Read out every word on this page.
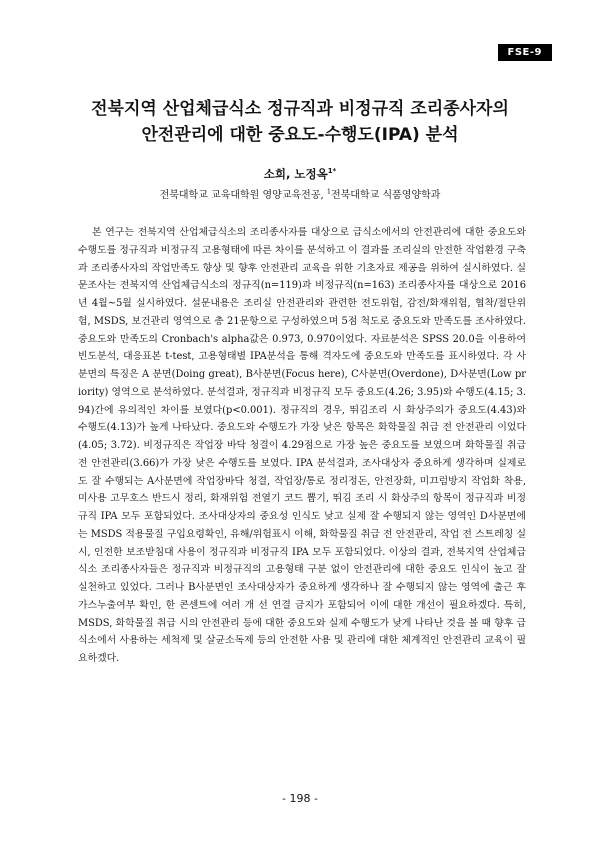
FSE-9
전북지역 산업체급식소 정규직과 비정규직 조리종사자의
안전관리에 대한 중요도-수행도(IPA) 분석
소희, 노정옥$^{1*}$
전북대학교 교육대학원 영양교육전공, $^1$전북대학교 식품영양학과

본 연구는 전북지역 산업체급식소의 조리종사자를 대상으로 급식소에서의 안전관리에 대한 중요도와 수행도를 정규직과 비정규직 고용형태에 따른 차이를 분석하고 이 결과를 조리실의 안전한 작업환경 구축과 조리종사자의 작업만족도 향상 및 향후 안전관리 교육을 위한 기초자료 제공을 위하여 실시하였다. 실문조사는 전북지역 산업체급식소의 정규직(n=119)과 비정규직(n=163) 조리종사자를 대상으로 2016년 4월~5월 실시하였다. 설문내용은 조리실 안전관리와 관련한 전도위험, 감전/화재위험, 협착/절단위험, MSDS, 보건관리 영역으로 총 21문항으로 구성하였으며 5점 척도로 중요도와 만족도를 조사하였다. 중요도와 만족도의 Cronbach's alpha값은 0.973, 0.970이었다. 자료분석은 SPSS 20.0을 이용하여 빈도분석, 대응표본 t-test, 고용형태별 IPA분석을 통해 격자도에 중요도와 만족도를 표시하였다. 각 사분면의 특징은 A 분면(Doing great), B사분면(Focus here), C사분면(Overdone), D사분면(Low priority) 영역으로 분석하였다. 분석결과, 정규직과 비정규직 모두 중요도(4.26; 3.95)와 수행도(4.15; 3.94)간에 유의적인 차이를 보였다(p<0.001). 정규직의 경우, 뛰김조리 시 화상주의가 중요도(4.43)와 수행도(4.13)가 높게 나타났다. 중요도와 수행도가 가장 낮은 항목은 화학물질 취급 전 안전관리 이었다(4.05; 3.72). 비정규직은 작업장 바닥 청결이 4.29점으로 가장 높은 중요도를 보였으며 화학물질 취급 전 안전관리(3.66)가 가장 낮은 수행도를 보였다. IPA 분석결과, 조사대상자 중요하게 생각하며 실제로도 잘 수행되는 A사분면에 작업장바닥 청결, 작업장/통로 정리정돈, 안전장화, 미끄럼방지 작업화 착용, 미사용 고무호스 반드시 정리, 화재위험 전열기 코드 뽑기, 뛰김 조리 시 화상주의 항목이 정규직과 비정규직 IPA 모두 포함되었다. 조사대상자의 중요성 인식도 낮고 실제 잘 수행되지 않는 영역인 D사분면에는 MSDS 적용물질 구입요령확인, 유해/위험표시 이해, 화학물질 취급 전 안전관리, 작업 전 스트레칭 실시, 인전한 보조받침대 사용이 정규직과 비정규직 IPA 모두 포함되었다. 이상의 결과, 전북지역 산업체급식소 조리종사자들은 정규직과 비정규직의 고용형태 구분 없이 안전관리에 대한 중요도 인식이 높고 잘 실천하고 있었다. 그러나 B사분면인 조사대상자가 중요하게 생각하나 잘 수행되지 않는 영역에 출근 후 가스누출여부 확인, 한 콘센트에 여러 개 선 연결 금지가 포함되어 이에 대한 개선이 필요하겠다. 특히, MSDS, 화학물질 취급 시의 안전관리 등에 대한 중요도와 실제 수행도가 낮게 나타난 것을 볼 때 향후 급식소에서 사용하는 세척제 및 살균소독제 등의 안전한 사용 및 관리에 대한 체계적인 안전관리 교육이 필요하겠다.

- 198 -
